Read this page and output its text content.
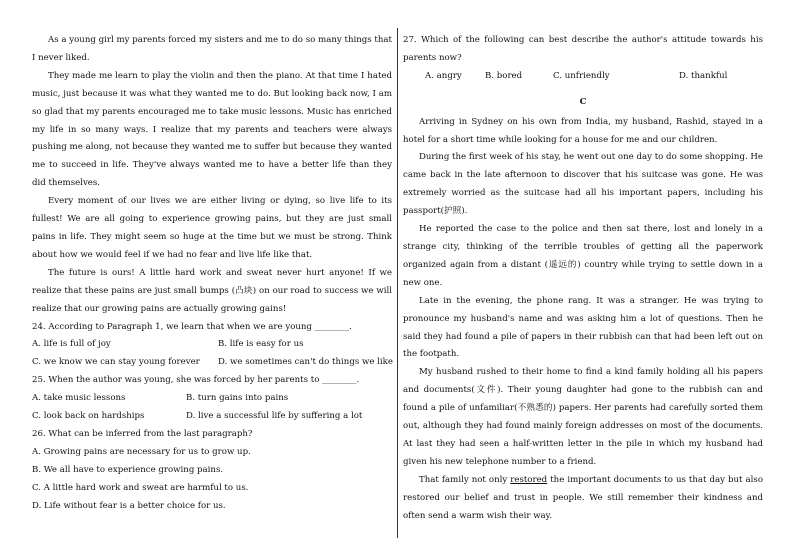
As a young girl my parents forced my sisters and me to do so many things that I never liked.

They made me learn to play the violin and then the piano. At that time I hated music, just because it was what they wanted me to do. But looking back now, I am so glad that my parents encouraged me to take music lessons. Music has enriched my life in so many ways. I realize that my parents and teachers were always pushing me along, not because they wanted me to suffer but because they wanted me to succeed in life. They've always wanted me to have a better life than they did themselves.

Every moment of our lives we are either living or dying, so live life to its fullest! We are all going to experience growing pains, but they are just small pains in life. They might seem so huge at the time but we must be strong. Think about how we would feel if we had no fear and live life like that.

The future is ours! A little hard work and sweat never hurt anyone! If we realize that these pains are just small bumps (凸块) on our road to success we will realize that our growing pains are actually growing gains!

24. According to Paragraph 1, we learn that when we are young ________.

A. life is full of joy	B. life is easy for us
C. we know we can stay young forever	D. we sometimes can't do things we like

25. When the author was young, she was forced by her parents to ________.

A. take music lessons	B. turn gains into pains
C. look back on hardships	D. live a successful life by suffering a lot

26. What can be inferred from the last paragraph?

A. Growing pains are necessary for us to grow up.

B. We all have to experience growing pains.

C. A little hard work and sweat are harmful to us.

D. Life without fear is a better choice for us.

27. Which of the following can best describe the author's attitude towards his parents now?

A. angry	B. bored	C. unfriendly	D. thankful
C

Arriving in Sydney on his own from India, my husband, Rashid, stayed in a hotel for a short time while looking for a house for me and our children.

During the first week of his stay, he went out one day to do some shopping. He came back in the late afternoon to discover that his suitcase was gone. He was extremely worried as the suitcase had all his important papers, including his passport(护照).

He reported the case to the police and then sat there, lost and lonely in a strange city, thinking of the terrible troubles of getting all the paperwork organized again from a distant (遥远的) country while trying to settle down in a new one.

Late in the evening, the phone rang. It was a stranger. He was trying to pronounce my husband's name and was asking him a lot of questions. Then he said they had found a pile of papers in their rubbish can that had been left out on the footpath.

My husband rushed to their home to find a kind family holding all his papers and documents(文件). Their young daughter had gone to the rubbish can and found a pile of unfamiliar(不熟悉的) papers. Her parents had carefully sorted them out, although they had found mainly foreign addresses on most of the documents. At last they had seen a half-written letter in the pile in which my husband had given his new telephone number to a friend.

That family not only restored the important documents to us that day but also restored our belief and trust in people. We still remember their kindness and often send a warm wish their way.
